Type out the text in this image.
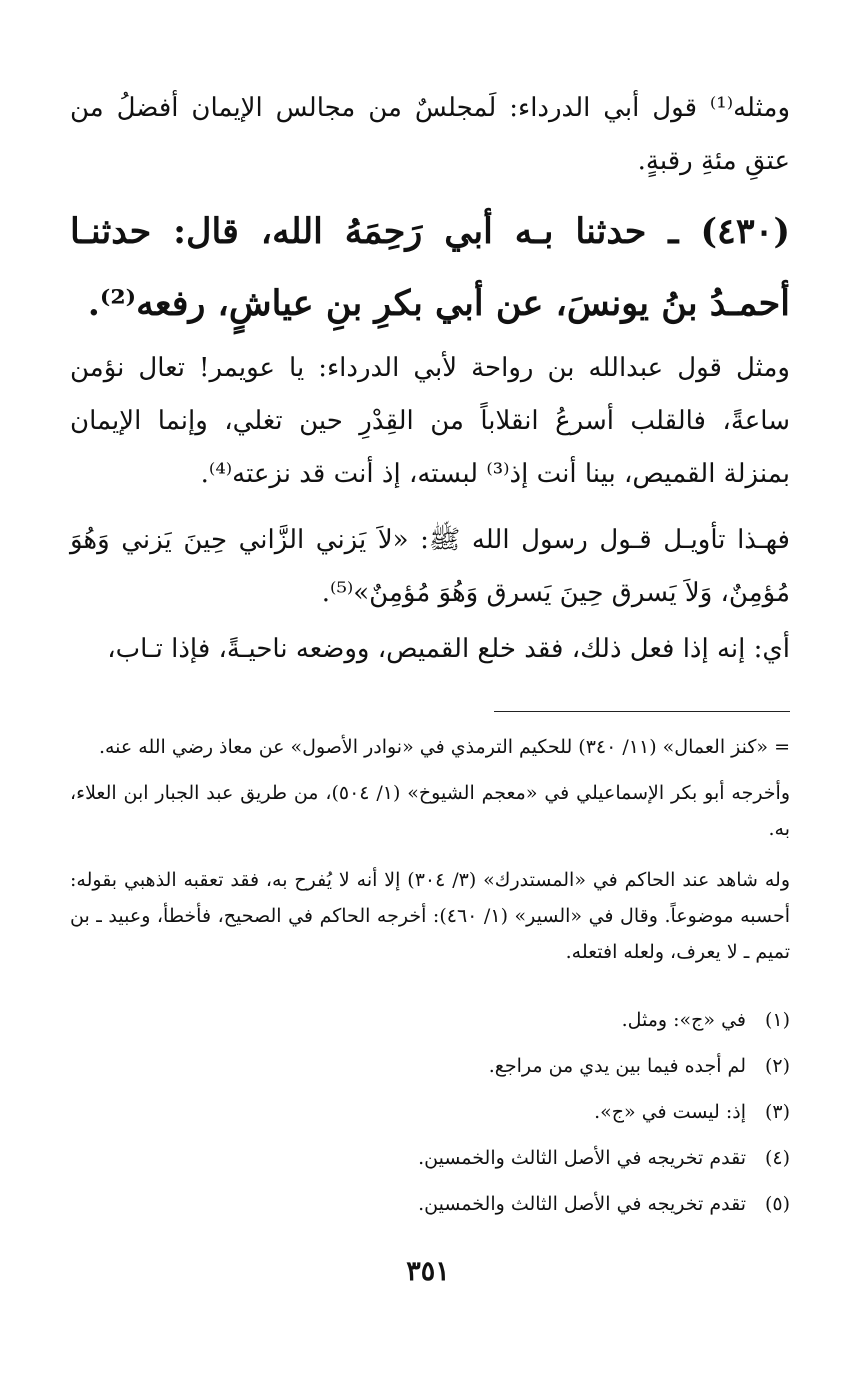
ومثله⁽¹⁾ قول أبي الدرداء: لَمجلسٌ من مجالس الإيمان أفضلُ من عتقِ مئةِ رقبةٍ.
(٤٣٠) ـ حدثنا بـه أبي رَحِمَهُ الله، قال: حدثنـا أحمـدُ بنُ يونسَ، عن أبي بكرِ بنِ عياشٍ، رفعه⁽²⁾.
ومثل قول عبدالله بن رواحة لأبي الدرداء: يا عويمر! تعال نؤمن ساعةً، فالقلب أسرعُ انقلاباً من القِدْرِ حين تغلي، وإنما الإيمان بمنزلة القميص، بينا أنت إذ⁽³⁾ لبسته، إذ أنت قد نزعته⁽⁴⁾.
فهـذا تأويـل قـول رسول الله ﷺ: «لاَ يَزني الزَّاني حِينَ يَزني وَهُوَ مُؤمِنٌ، وَلاَ يَسرق حِينَ يَسرق وَهُوَ مُؤمِنٌ»⁽⁵⁾.
أي: إنه إذا فعل ذلك، فقد خلع القميص، ووضعه ناحيـةً، فإذا تـاب،
= «كنز العمال» (١١/ ٣٤٠) للحكيم الترمذي في «نوادر الأصول» عن معاذ رضي الله عنه.
وأخرجه أبو بكر الإسماعيلي في «معجم الشيوخ» (١/ ٥٠٤)، من طريق عبد الجبار ابن العلاء، به.
وله شاهد عند الحاكم في «المستدرك» (٣/ ٣٠٤) إلا أنه لا يُفرح به، فقد تعقبه الذهبي بقوله: أحسبه موضوعاً. وقال في «السير» (١/ ٤٦٠): أخرجه الحاكم في الصحيح، فأخطأ، وعبيد ـ بن تميم ـ لا يعرف، ولعله افتعله.
(١)في «ج»: ومثل.
(٢)لم أجده فيما بين يدي من مراجع.
(٣)إذ: ليست في «ج».
(٤)تقدم تخريجه في الأصل الثالث والخمسين.
(٥)تقدم تخريجه في الأصل الثالث والخمسين.
٣٥١
